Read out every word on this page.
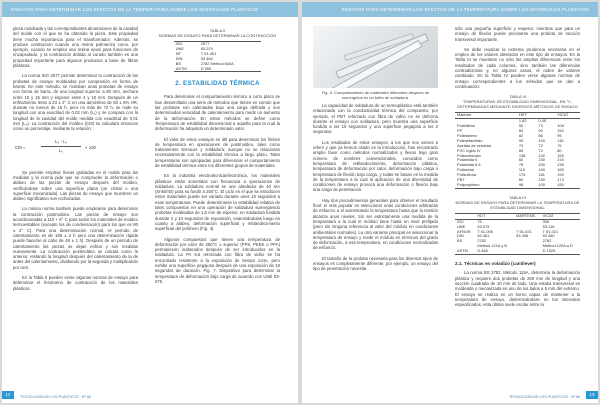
ENSAYOS PARA DETERMINAR LOS EFECTOS DE LA TEMPERATURA SOBRE LOS MATERIALES PLÁSTICOS

pieza moldeada y las correspondientes dimensiones de la cavidad del molde con el que se ha obtenido la pieza. Este propiedad tiene mucha importancia para el transformador. Además, se produce contracción cuando una resina polimeriza como, por ejemplo, cuando se emplea una resina epoxi para funciones de encapsulado, y la contracción debida al curado también es una propiedad importante para algunos productos a base de fibras plásticas.

La norma ISO 2577 permite determinar la contracción de las probetas de ensayo moldeadas por compresión en forma de barras. En este método, se moldean unas probetas de ensayo con forma de barra, de una longitud superior a 80 mm, anchura entre 10 y 15 mm y espesor entre 4 y 10 mm. Después de un enfriamiento lento a 23 ± 2° C en una atmósfera de 50 ± 5% HR, durante no menos de 16 h, pero no más de 72 h, se mide su longitud con una exactitud de 0,02 mm (L₁) y se compara con la longitud de la cavidad del molde medida con exactitud de 0,01 mm (L₀). La contracción del moldeo (CM) se calculará entonces como un porcentaje, mediante la relación:

CM =
L₀ - L₁
L₀
× 100

Se permite emplear líneas grabadas en el molde para las medidas y la norma pide que se compruebe la deformación o alabeo de las piezas de ensayo después del moldeo, verificándose sobre una superficie plana (un cristal o una superficie mecanizada). Las piezas de ensayo que muestren un alabeo significativo son rechazadas.

La misma norma también puede emplearse para determinar la contracción postmoldeo. Las piezas de ensayo son acondicionadas a 110 + 5° C para todos los materiales de moldeo termoestables (excepto los de condensación) para los que es 80 ± 2° C). Para una determinación normal, el período de calentamiento es de 168 ± 2 h pero una determinación rápida puede hacerse al cabo de 48 ± 1 h). Después de un período de calentamiento las piezas se dejan enfriar y son medidas nuevamente. La contracción postmoldeo se calcula como la anterior, restando la longitud después del calentamiento de la de antes del calentamiento, dividiendo por la segunda y multiplicando por cien.

En la Tabla II pueden verse algunas normas de ensayo para determinar el fenómeno de contracción de los materiales plásticos.

TABLA II
NORMAS DE ENSAYO PARA DETERMINAR LA CONTRACCIÓN
ISO	2577
UNE	53-374
NF	T 51-401
DIN	53 464
BS	2782 Method 640A
ASTM	D 955
2. ESTABILIDAD TÉRMICA

Para determinar el comportamiento térmico a corto plazo se han desarrollado una serie de métodos que tienen en común que las probetas son calentadas bajo una carga definida y son determinadas velocidad de calentamiento para medir un aumento de la deformación. En estos métodos se define como Temperatura de estabilidad dimensional a aquella para la cual la deformación ha adquirido un determinado valor.

El valor de estos ensayos es útil para determinar los límites de temperatura en operaciones de postmoldeo, tales como tratamientos térmicos y soldadura; aunque no se relacionan necesariamente con la estabilidad térmica a largo plazo. Tales temperaturas son apropiadas para diferenciar el comportamiento de estabilidad térmica entre los diferentes grupos de materiales.

En la industria electrotécnica/electrónica, los materiales plásticos están sometidos con frecuencia a operaciones de soldadura. La soldadura normal se une alrededor de 40 mA (Sn60/40) para su fundir a 250°C. El ciclo en el que se introducen estos materiales puede ser variado durante unos 10 segundos a esas temperaturas. Puede determinarse la estabilidad relativa de tales compuestos en una operación de soldadura sumergiendo probetas moldeadas de 1,5 mm de espesor, en soldadura fundida durante 2 y 10 segundos de exposición, examinándolas luego en cuanto a alabeo, deformación superficial y reblandecimiento superficial del polímero (Fig. 4).

Algunos compuestos que tienen una temperatura de deformación por calor de 260°C o superior (PPS, PEEK o PPA) permanecen inalterados después de ser introducidos en la soldadura. La PA 6.6 reforzada con fibra de vidrio se ha encontrado resistente a la exposición de tiempo corto, pero exhibe una superficie pegajosa después de una exposición de 10 segundos de duración. Fig. 7. Dispositivo para determinar la temperatura de deformación bajo carga de acuerdo con UNE 53-075.

12	TECNOLOGÍA DE LOS PLÁSTICOS · Nº 88
ENSAYOS PARA DETERMINAR LOS EFECTOS DE LA TEMPERATURA SOBRE LOS MATERIALES PLÁSTICOS
Fig. 4. Comportamiento de materiales diferentes después de sumergirlos en un baño de soldadura.

La capacidad de soldadura de un termoplástico está también relacionada con la conductividad térmica del compuesto; por ejemplo, el PBT reforzado con fibra de vidrio no se deforma durante el ensayo con soldadura, pero muestra una superficie fundida a los 10 segundos y una superficie pegajosa a los 2 segundos.

Los resultados de estos ensayos, a los que nos vamos a referir y que ya hemos citado en la introducción, han encontrado amplio favor como métodos normalizados y llevan bajo gran número de nombres convencionales, conocidos como temperatura de reblandecimiento, deformación plástica, temperatura de deformación por calor, deformación bajo carga o temperatura de flexión bajo carga, y todas se basan en la medida de la temperatura a la cual la aplicación de una diversidad de condiciones de ensayo provoca una deformación o flexión bajo una carga de penetración.

Hay dos procedimientos generales para obtener el resultado final: el más popular es seleccionar unas condiciones arbitrarias de esfuerzo a el aumentando la temperatura hasta que la tensión alcanza unos niveles. Sin ser estrictamente una medida de la temperatura a la cual el módulo tiene hasta un nivel prefijado (pero sin ninguna referencia al valor del módulo en condiciones ambientales normales). La otra variante principal es seleccionar la temperatura de ensayo y medir el módulo en términos del grado de deformación, a esa temperatura, en condiciones normalizadas de esfuerzo.

El tamaño de la probeta necesaria para los diversos tipos de ensayos es completamente diferente; por ejemplo, un ensayo del tipo de penetración necesita

sólo una pequeña superficie y espesor, mientras que para un ensayo de flexión puede precisarse una probeta de sección transversal importante.

Se debe recalcar la extrema prudencia necesaria en el empleo de los valores obtenidos en este tipo de ensayos. En la Tabla III se muestran no sólo las amplias diferencias entre los resultados de cada columna, sino también las diferencias contradictorias y, en algunos casos, el orden de valores cambiado. En la Tabla IV pueden verse algunas normas de ensayo correspondientes a los métodos que se dan a continuación:

TABLA III
TEMPERATURAS DE ESTABILIDAD DIMENSIONAL, EN °C, DETERMINADAS MEDIANTE DIVERSOS MÉTODOS DE ENSAYO
Material	HDT		VICAT
	1,82	0,45	
Polietileno	50	73	108
PP	60	90	150
Poliestireno	82	86	95
Polimetacrilato	95	100	115
Acetato de celulosa	70	72	75
PVC rígido IV	65	72	80
Policarbonato	138	142	155
Poliamida 6	60	150	215
Poliamida 6.6	75	200	235
Poliacetal	110	160	165
Polisulfona	175	181	190
PBT	60	150	173
Polipropileno	98	100	150
TABLA IV
NORMAS DE ENSAYO PARA DETERMINAR LA TEMPERATURA DE ESTABILIDAD DIMENSIONAL
	HDT	MARTENS	VICAT
ISO	75		306
UNE	53-075		53-118
AFNOR	T 51-005	T 51-021	T 51-021
DIN	53 461	53 458	53 460
BS	2782		2782
	Method 121A y B		Method 120A a D
ASTM	D 648		D 1525
2.1. Técnicas en voladizo (cantilever)

La norma BS 2782, Método 115A, determina la deformación plástica y requiere dos probetas de 200 mm de longitud y una sección cuadrada de 10 mm de lado. Una estaba transversal es moldeada o mecanizada en uno de los lados a 5 mm del extremo. El ensayo se realiza en un horno capaz de mantener a la temperatura de ensayo, determinándose en los intervalos especificados, esta última suele oscilar entre la

TECNOLOGÍA DE LOS PLÁSTICOS · Nº 88	13
